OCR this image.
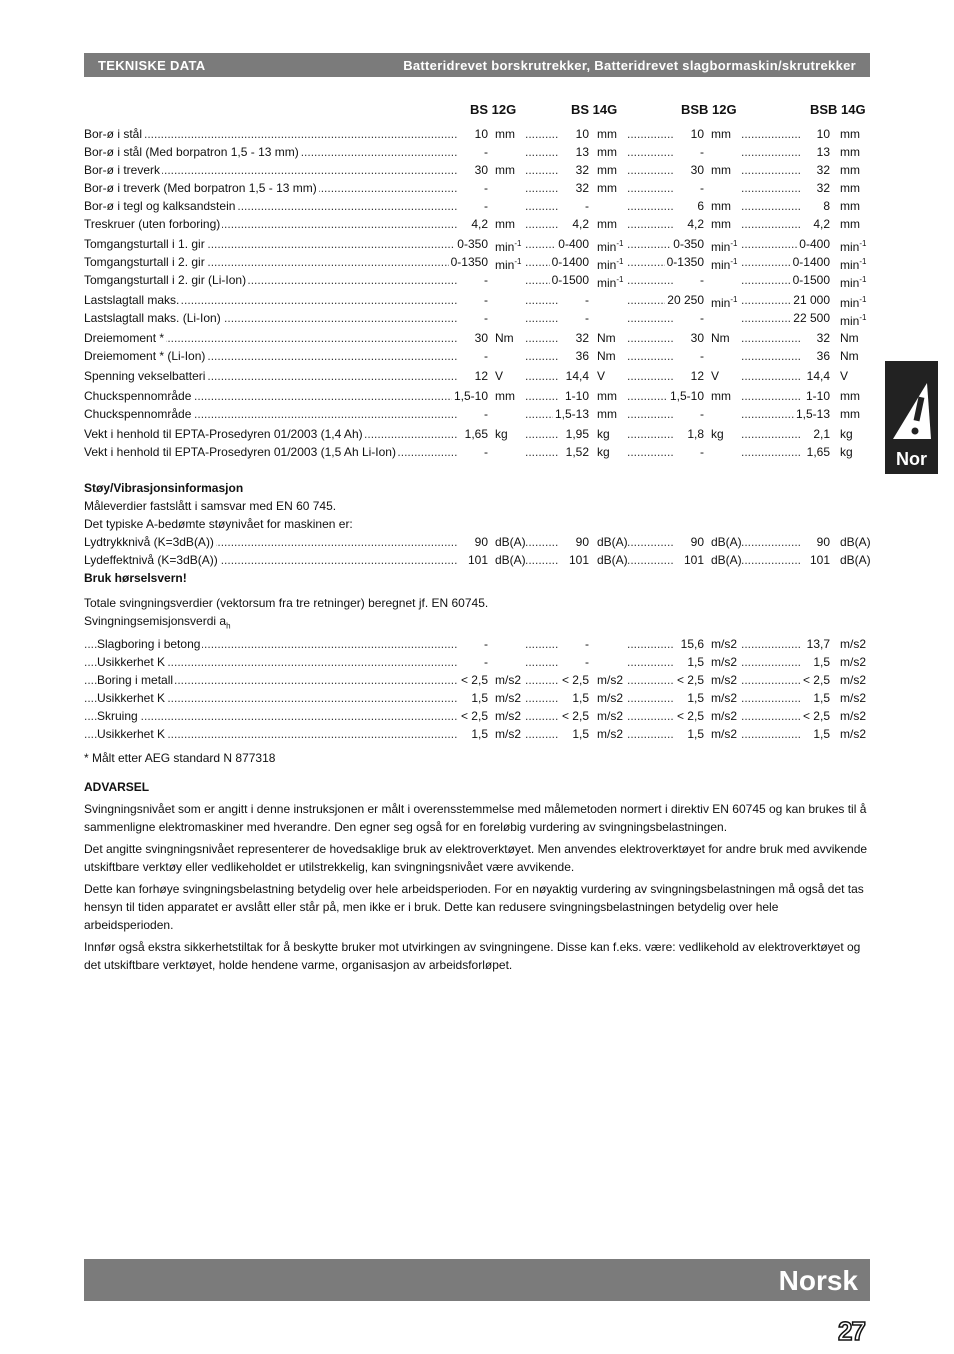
TEKNISKE DATA	Batteridrevet borskrutrekker, Batteridrevet slagbormaskin/skrutrekker
BS 12G	BS 14G	BSB 12G	BSB 14G
.....
.....
.....
.....
Bor-ø i stål	10 mm	10 mm	10 mm	10 mm
.....
.....
.....
.....
Bor-ø i stål (Med borpatron 1,5 - 13 mm)	-	13 mm	-	13 mm
.....
.....
.....
.....
Bor-ø i treverk	30 mm	32 mm	30 mm	32 mm
.....
.....
.....
.....
Bor-ø i treverk (Med borpatron 1,5 - 13 mm)	-	32 mm	-	32 mm
.....
.....
.....
.....
Bor-ø i tegl og kalksandstein	-	-	6 mm	8 mm
.....
.....
.....
.....
Treskruer (uten forboring)	4,2 mm	4,2 mm	4,2 mm	4,2 mm
.....
.....
.....
.....
Tomgangsturtall i 1. gir	0-350 $\min^{-1}$	0-400 $\min^{-1}$	0-350 $\min^{-1}$	0-400 $\min^{-1}$
.....
.....
.....
.....
Tomgangsturtall i 2. gir	0-1350 $\min^{-1}$	0-1400 $\min^{-1}$	0-1350 $\min^{-1}$	0-1400 $\min^{-1}$
.....
.....
.....
.....
Tomgangsturtall i 2. gir (Li-Ion)	-	0-1500 $\min^{-1}$	-	0-1500 $\min^{-1}$
.....
.....
.....
.....
Lastslagtall maks.	-	-	20 250 $\min^{-1}$	21 000 $\min^{-1}$
.....
.....
.....
.....
Lastslagtall maks. (Li-Ion)	-	-	-	22 500 $\min^{-1}$
.....
.....
.....
.....
Dreiemoment *	30 Nm	32 Nm	30 Nm	32 Nm
.....
.....
.....
.....
Dreiemoment * (Li-Ion)	-	36 Nm	-	36 Nm
.....
.....
.....
.....
Spenning vekselbatteri	12 V	14,4 V	12 V	14,4 V
.....
.....
.....
.....
Chuckspennområde	1,5-10 mm	1-10 mm	1,5-10 mm	1-10 mm
.....
.....
.....
.....
Chuckspennområde	-	1,5-13 mm	-	1,5-13 mm
.....
.....
.....
.....
Vekt i henhold til EPTA-Prosedyren 01/2003 (1,4 Ah)	1,65 kg	1,95 kg	1,8 kg	2,1 kg
.....
.....
.....
.....
Vekt i henhold til EPTA-Prosedyren 01/2003 (1,5 Ah Li-Ion)	-	1,52 kg	-	1,65 kg
Støy/Vibrasjonsinformasjon
Måleverdier fastslått i samsvar med EN 60 745.
Det typiske A-bedømte støynivået for maskinen er:
.....
.....
.....
.....
Lydtrykknivå (K=3dB(A))	90 dB(A)	90 dB(A)	90 dB(A)	90 dB(A)
.....
.....
.....
.....
Lydeffektnivå (K=3dB(A))	101 dB(A)	101 dB(A)	101 dB(A)	101 dB(A)
Bruk hørselsvern!
Totale svingningsverdier (vektorsum fra tre retninger) beregnet jf. EN 60745.
Svingningsemisjonsverdi $a_h$
.....
.....
.....
.....
Slagboring i betong	-	-	15,6 m/s2	13,7 m/s2
.....
.....
.....
.....
Usikkerhet K	-	-	1,5 m/s2	1,5 m/s2
.....
.....
.....
.....
Boring i metall	< 2,5 m/s2	< 2,5 m/s2	< 2,5 m/s2	< 2,5 m/s2
.....
.....
.....
.....
Usikkerhet K	1,5 m/s2	1,5 m/s2	1,5 m/s2	1,5 m/s2
.....
.....
.....
.....
Skruing	< 2,5 m/s2	< 2,5 m/s2	< 2,5 m/s2	< 2,5 m/s2
.....
.....
.....
.....
Usikkerhet K	1,5 m/s2	1,5 m/s2	1,5 m/s2	1,5 m/s2
* Målt etter AEG standard N 877318
ADVARSEL
Svingningsnivået som er angitt i denne instruksjonen er målt i overensstemmelse med målemetoden normert i direktiv EN 60745 og kan brukes til å sammenligne elektromaskiner med hverandre. Den egner seg også for en foreløbig vurdering av svingningsbelastningen.
Det angitte svingningsnivået representerer de hovedsaklige bruk av elektroverktøyet. Men anvendes elektroverktøyet for andre bruk med avvikende utskiftbare verktøy eller vedlikeholdet er utilstrekkelig, kan svingningsnivået være avvikende.
Dette kan forhøye svingningsbelastning betydelig over hele arbeidsperioden. For en nøyaktig vurdering av svingningsbelastningen må også det tas hensyn til tiden apparatet er avslått eller står på, men ikke er i bruk. Dette kan redusere svingningsbelastningen betydelig over hele arbeidsperioden.
Innfør også ekstra sikkerhetstiltak for å beskytte bruker mot utvirkingen av svingningene. Disse kan f.eks. være: vedlikehold av elektroverktøyet og det utskiftbare verktøyet, holde hendene varme, organisasjon av arbeidsforløpet.
Nor
Norsk
27
